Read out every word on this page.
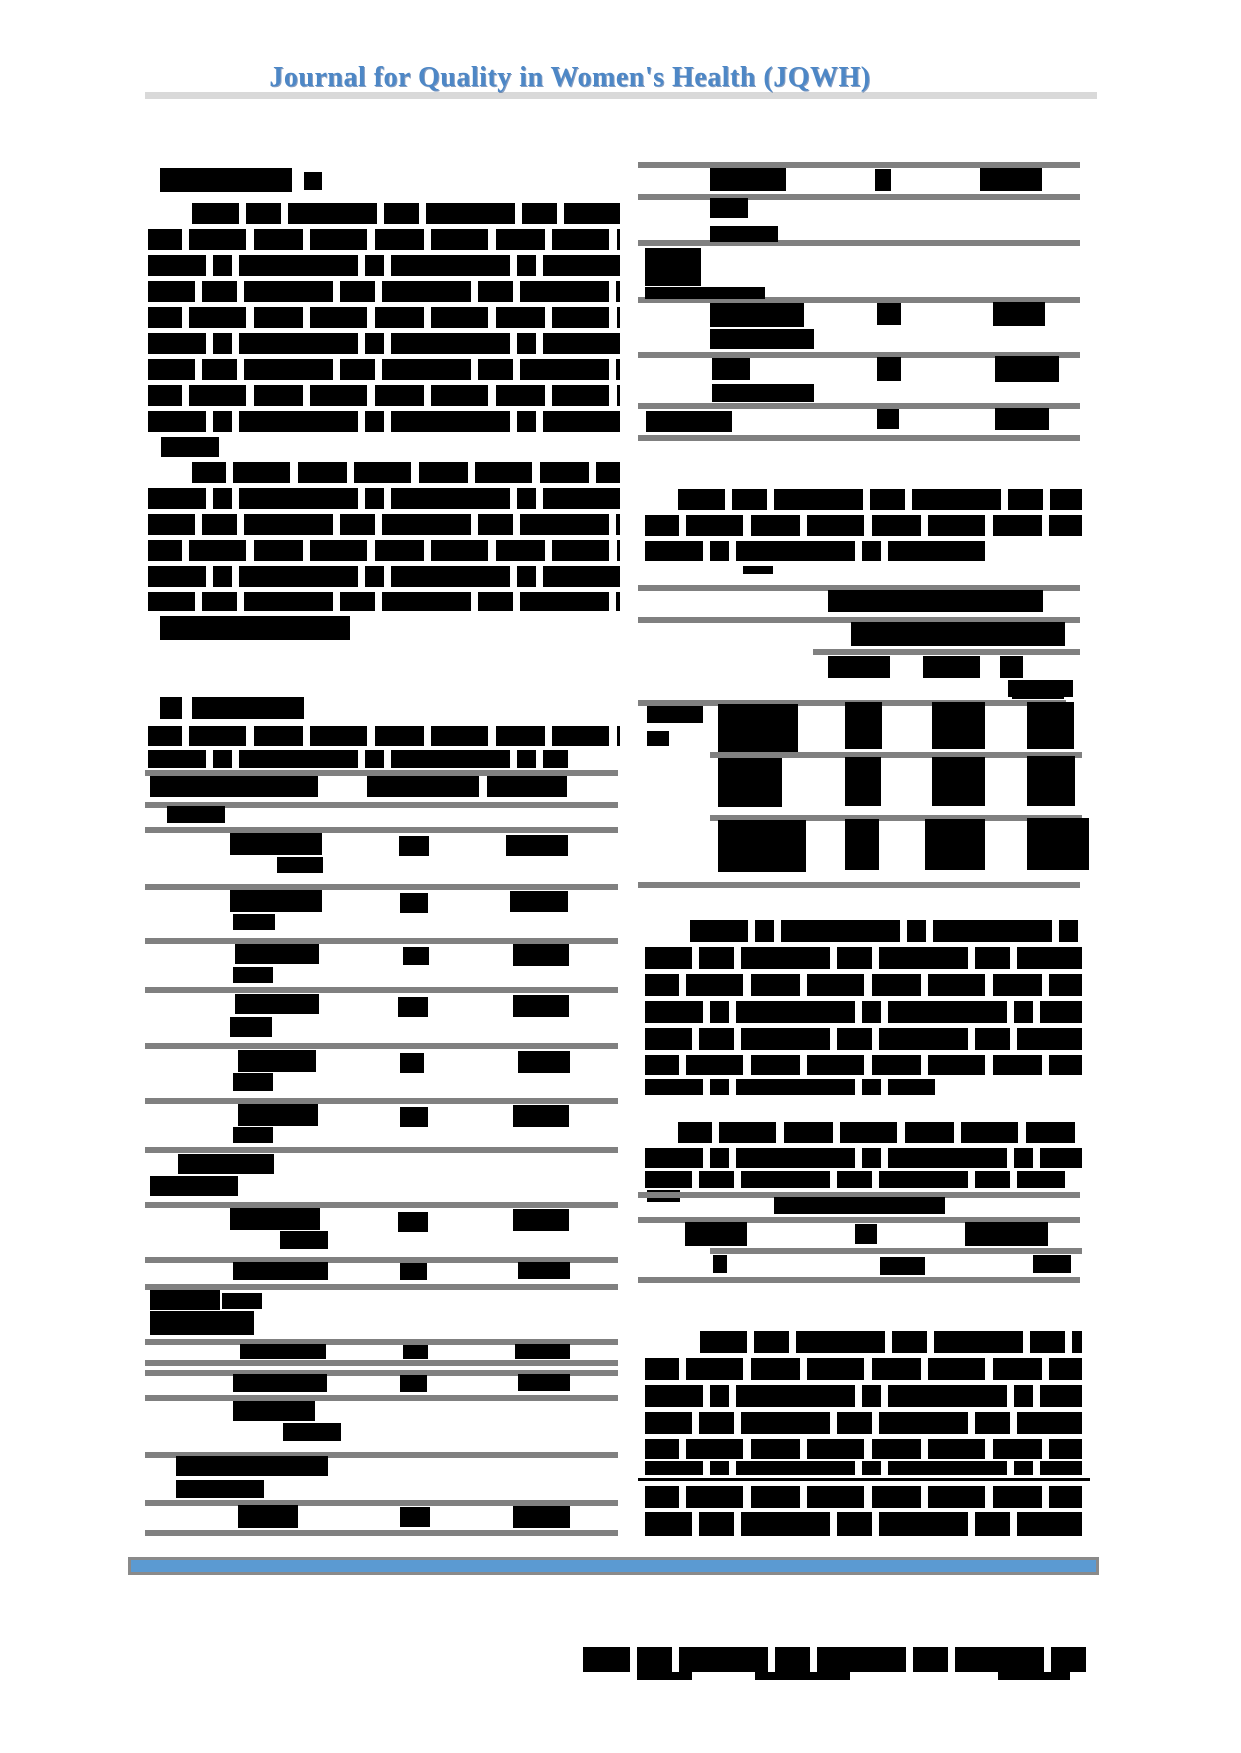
Journal for Quality in Women's Health (JQWH)
